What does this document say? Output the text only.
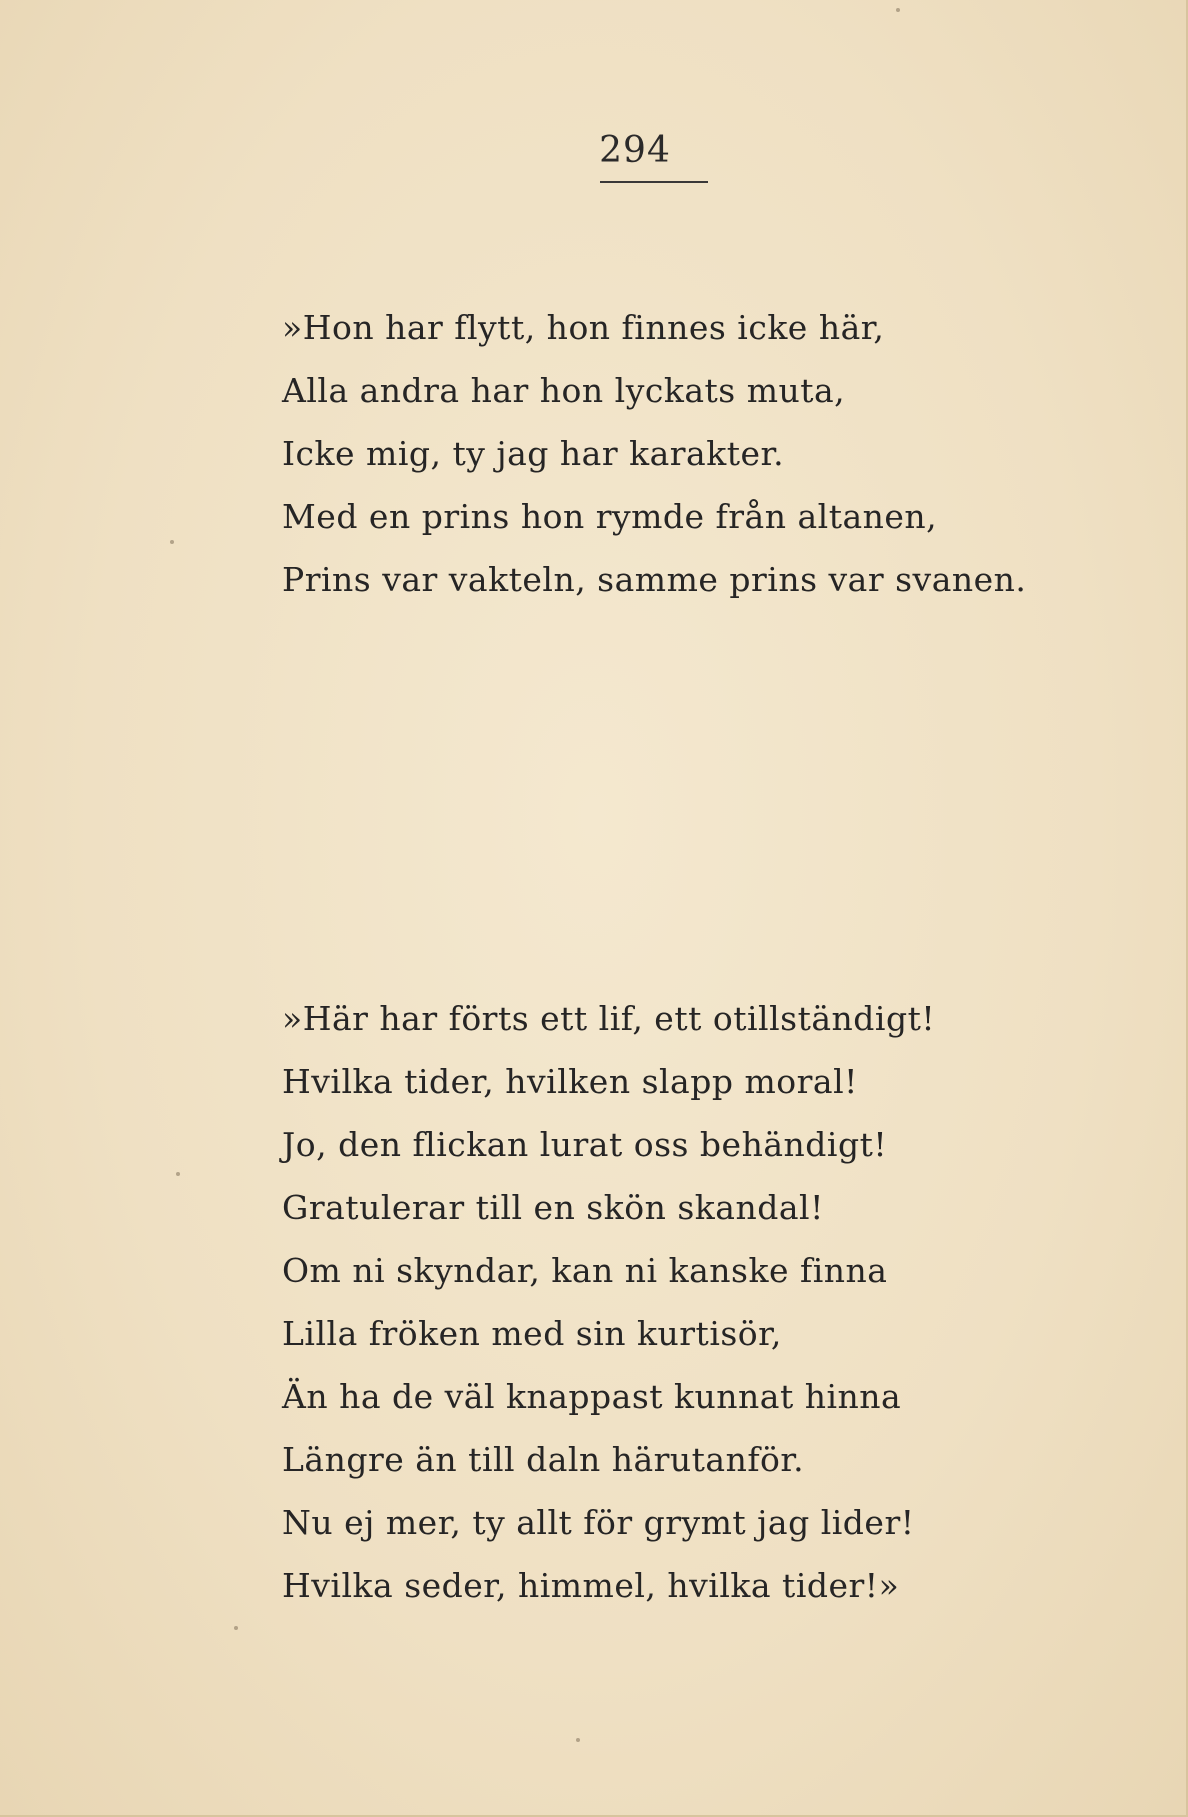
294
»Hon har flytt, hon finnes icke här,
Alla andra har hon lyckats muta,
Icke mig, ty jag har karakter.
Med en prins hon rymde från altanen,
Prins var vakteln, samme prins var svanen.
»Här har förts ett lif, ett otillständigt!
Hvilka tider, hvilken slapp moral!
Jo, den flickan lurat oss behändigt!
Gratulerar till en skön skandal!
Om ni skyndar, kan ni kanske finna
Lilla fröken med sin kurtisör,
Än ha de väl knappast kunnat hinna
Längre än till daln härutanför.
Nu ej mer, ty allt för grymt jag lider!
Hvilka seder, himmel, hvilka tider!»
